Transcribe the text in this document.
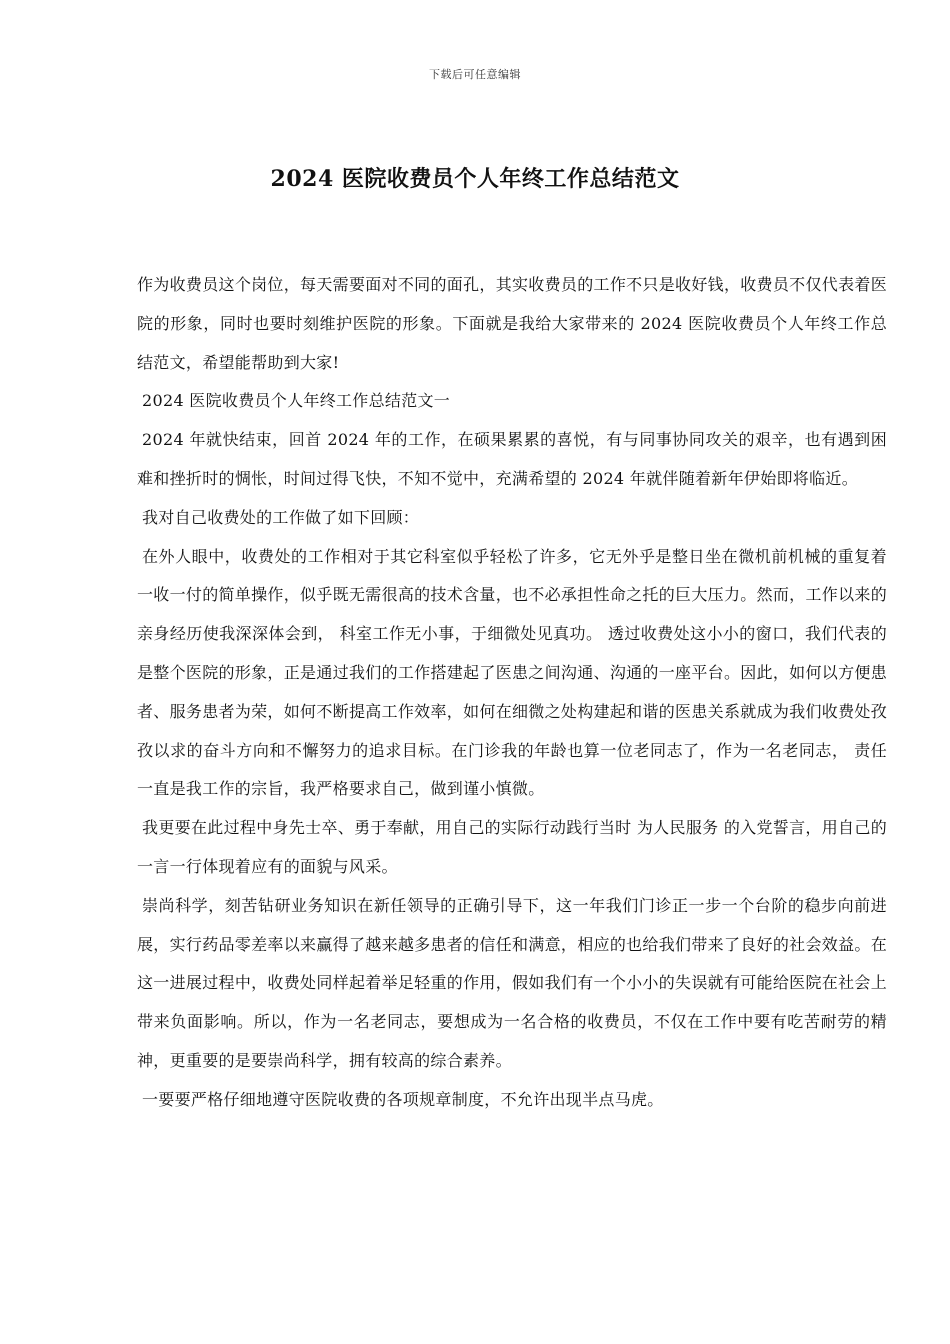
下载后可任意编辑
2024 医院收费员个人年终工作总结范文

作为收费员这个岗位，每天需要面对不同的面孔，其实收费员的工作不只是收好钱，收费员不仅代表着医院的形象，同时也要时刻维护医院的形象。下面就是我给大家带来的 2024 医院收费员个人年终工作总结范文，希望能帮助到大家!

2024 医院收费员个人年终工作总结范文一

2024 年就快结束，回首 2024 年的工作，在硕果累累的喜悦，有与同事协同攻关的艰辛，也有遇到困难和挫折时的惆怅，时间过得飞快，不知不觉中，充满希望的 2024 年就伴随着新年伊始即将临近。

我对自己收费处的工作做了如下回顾：

在外人眼中，收费处的工作相对于其它科室似乎轻松了许多，它无外乎是整日坐在微机前机械的重复着一收一付的简单操作，似乎既无需很高的技术含量，也不必承担性命之托的巨大压力。然而，工作以来的亲身经历使我深深体会到， 科室工作无小事，于细微处见真功。 透过收费处这小小的窗口，我们代表的是整个医院的形象，正是通过我们的工作搭建起了医患之间沟通、沟通的一座平台。因此，如何以方便患者、服务患者为荣，如何不断提高工作效率，如何在细微之处构建起和谐的医患关系就成为我们收费处孜孜以求的奋斗方向和不懈努力的追求目标。在门诊我的年龄也算一位老同志了，作为一名老同志， 责任 一直是我工作的宗旨，我严格要求自己，做到谨小慎微。

我更要在此过程中身先士卒、勇于奉献，用自己的实际行动践行当时 为人民服务 的入党誓言，用自己的一言一行体现着应有的面貌与风采。

崇尚科学，刻苦钻研业务知识在新任领导的正确引导下，这一年我们门诊正一步一个台阶的稳步向前进展，实行药品零差率以来赢得了越来越多患者的信任和满意，相应的也给我们带来了良好的社会效益。在这一进展过程中，收费处同样起着举足轻重的作用，假如我们有一个小小的失误就有可能给医院在社会上带来负面影响。所以，作为一名老同志，要想成为一名合格的收费员，不仅在工作中要有吃苦耐劳的精神，更重要的是要崇尚科学，拥有较高的综合素养。

一要要严格仔细地遵守医院收费的各项规章制度，不允许出现半点马虎。
